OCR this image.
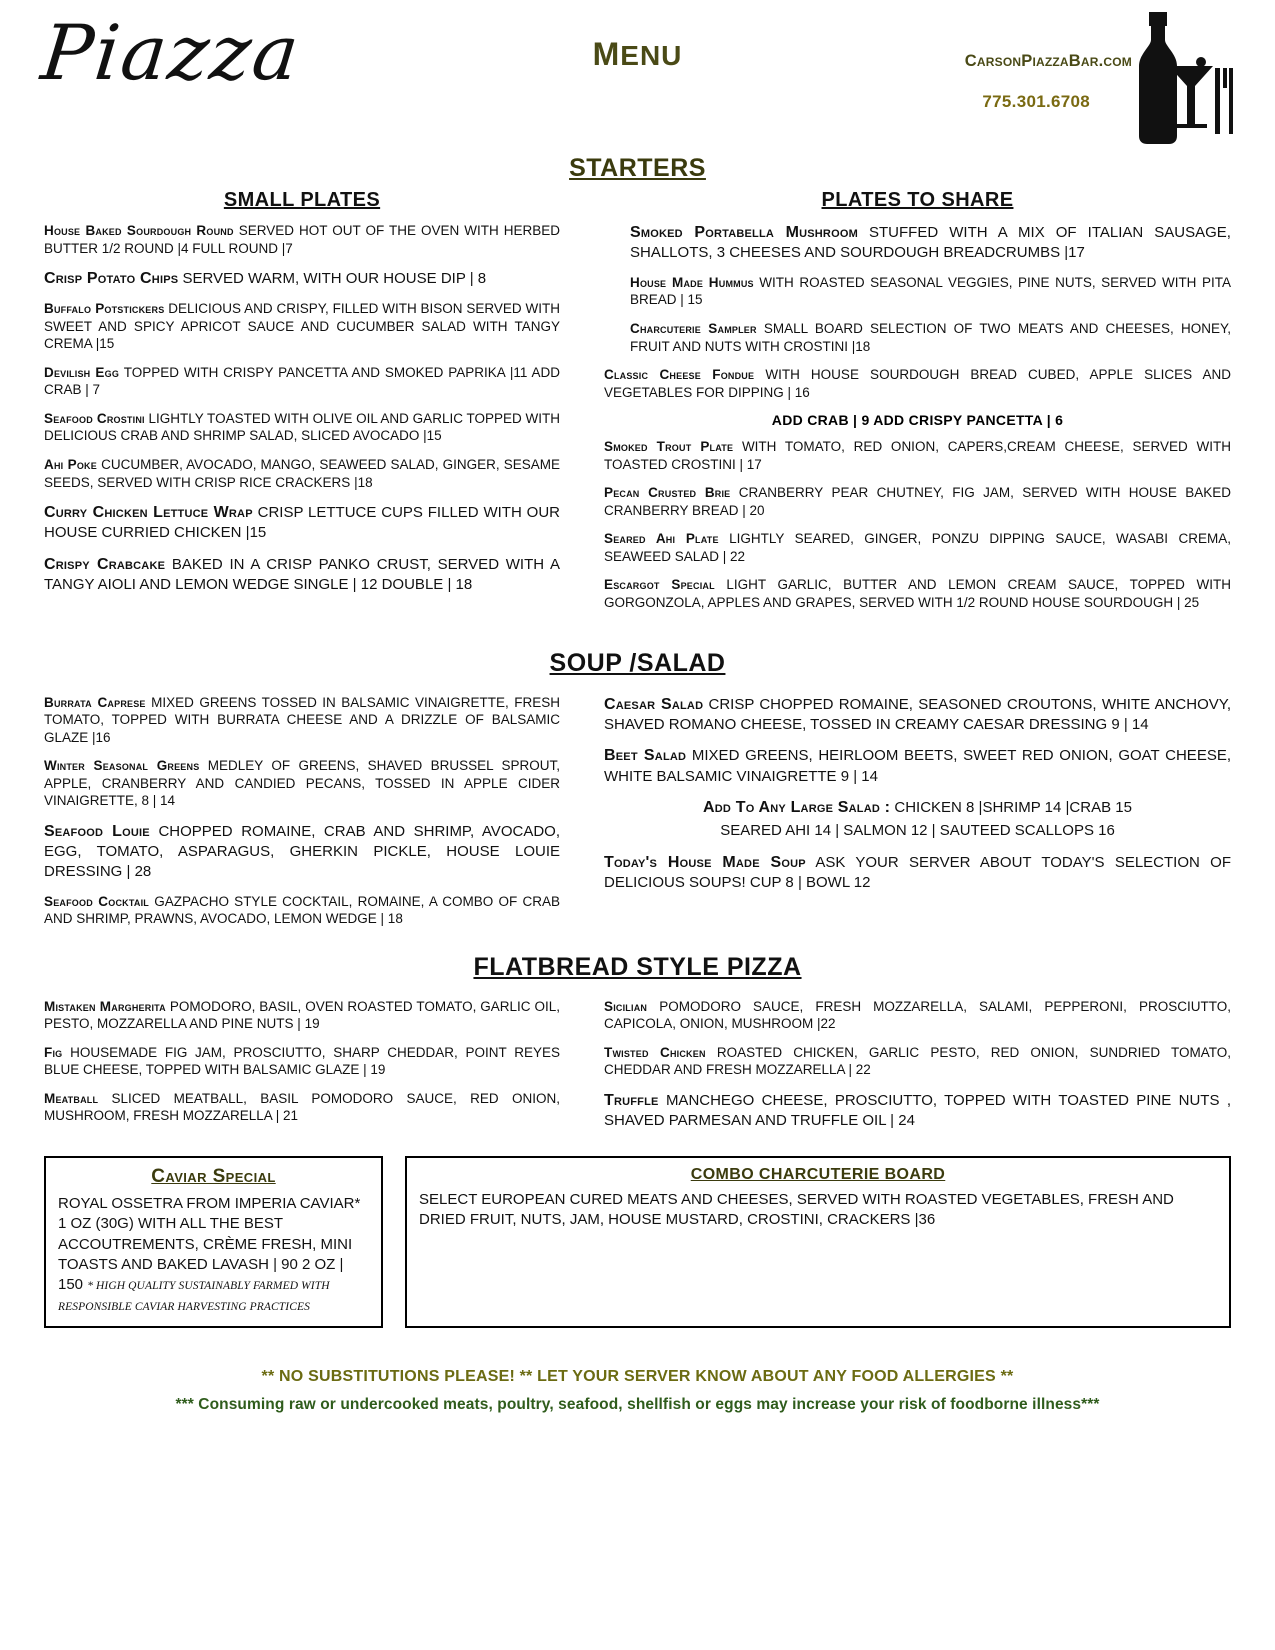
Piazza	menu	CarsonPiazzaBar.com
775.301.6708
STARTERS
SMALL PLATES
House Baked Sourdough Round SERVED HOT OUT OF THE OVEN WITH HERBED BUTTER 1/2 ROUND |4 FULL ROUND |7
Crisp Potato Chips SERVED WARM, WITH OUR HOUSE DIP | 8
Buffalo Potstickers DELICIOUS AND CRISPY, FILLED WITH BISON SERVED WITH SWEET AND SPICY APRICOT SAUCE AND CUCUMBER SALAD WITH TANGY CREMA |15
Devilish Egg TOPPED WITH CRISPY PANCETTA AND SMOKED PAPRIKA |11 ADD CRAB | 7
Seafood Crostini LIGHTLY TOASTED WITH OLIVE OIL AND GARLIC TOPPED WITH DELICIOUS CRAB AND SHRIMP SALAD, SLICED AVOCADO |15
Ahi Poke CUCUMBER, AVOCADO, MANGO, SEAWEED SALAD, GINGER, SESAME SEEDS, SERVED WITH CRISP RICE CRACKERS |18
Curry Chicken Lettuce Wrap CRISP LETTUCE CUPS FILLED WITH OUR HOUSE CURRIED CHICKEN |15
Crispy Crabcake BAKED IN A CRISP PANKO CRUST, SERVED WITH A TANGY AIOLI AND LEMON WEDGE SINGLE | 12 DOUBLE | 18
PLATES TO SHARE
Smoked Portabella Mushroom STUFFED WITH A MIX OF ITALIAN SAUSAGE, SHALLOTS, 3 CHEESES AND SOURDOUGH BREADCRUMBS |17
House Made Hummus WITH ROASTED SEASONAL VEGGIES, PINE NUTS, SERVED WITH PITA BREAD | 15
Charcuterie Sampler SMALL BOARD SELECTION OF TWO MEATS AND CHEESES, HONEY, FRUIT AND NUTS WITH CROSTINI |18
Classic Cheese Fondue WITH HOUSE SOURDOUGH BREAD CUBED, APPLE SLICES AND VEGETABLES FOR DIPPING | 16
ADD CRAB | 9 ADD CRISPY PANCETTA | 6
Smoked Trout Plate WITH TOMATO, RED ONION, CAPERS,CREAM CHEESE, SERVED WITH TOASTED CROSTINI | 17
Pecan Crusted Brie CRANBERRY PEAR CHUTNEY, FIG JAM, SERVED WITH HOUSE BAKED CRANBERRY BREAD | 20
Seared Ahi Plate LIGHTLY SEARED, GINGER, PONZU DIPPING SAUCE, WASABI CREMA, SEAWEED SALAD | 22
Escargot Special LIGHT GARLIC, BUTTER AND LEMON CREAM SAUCE, TOPPED WITH GORGONZOLA, APPLES AND GRAPES, SERVED WITH 1/2 ROUND HOUSE SOURDOUGH | 25
SOUP /SALAD
Burrata Caprese MIXED GREENS TOSSED IN BALSAMIC VINAIGRETTE, FRESH TOMATO, TOPPED WITH BURRATA CHEESE AND A DRIZZLE OF BALSAMIC GLAZE |16
Winter Seasonal Greens MEDLEY OF GREENS, SHAVED BRUSSEL SPROUT, APPLE, CRANBERRY AND CANDIED PECANS, TOSSED IN APPLE CIDER VINAIGRETTE, 8 | 14
Seafood Louie CHOPPED ROMAINE, CRAB AND SHRIMP, AVOCADO, EGG, TOMATO, ASPARAGUS, GHERKIN PICKLE, HOUSE LOUIE DRESSING | 28
Seafood Cocktail GAZPACHO STYLE COCKTAIL, ROMAINE, A COMBO OF CRAB AND SHRIMP, PRAWNS, AVOCADO, LEMON WEDGE | 18
Caesar Salad CRISP CHOPPED ROMAINE, SEASONED CROUTONS, WHITE ANCHOVY, SHAVED ROMANO CHEESE, TOSSED IN CREAMY CAESAR DRESSING 9 | 14
Beet Salad MIXED GREENS, HEIRLOOM BEETS, SWEET RED ONION, GOAT CHEESE, WHITE BALSAMIC VINAIGRETTE 9 | 14
Add To Any Large Salad : CHICKEN 8 |SHRIMP 14 |CRAB 15
SEARED AHI 14 | SALMON 12 | SAUTEED SCALLOPS 16
Today's House Made Soup ASK YOUR SERVER ABOUT TODAY'S SELECTION OF DELICIOUS SOUPS! CUP 8 | BOWL 12
FLATBREAD STYLE PIZZA
Mistaken Margherita POMODORO, BASIL, OVEN ROASTED TOMATO, GARLIC OIL, PESTO, MOZZARELLA AND PINE NUTS | 19
Fig HOUSEMADE FIG JAM, PROSCIUTTO, SHARP CHEDDAR, POINT REYES BLUE CHEESE, TOPPED WITH BALSAMIC GLAZE | 19
Meatball SLICED MEATBALL, BASIL POMODORO SAUCE, RED ONION, MUSHROOM, FRESH MOZZARELLA | 21
Sicilian POMODORO SAUCE, FRESH MOZZARELLA, SALAMI, PEPPERONI, PROSCIUTTO, CAPICOLA, ONION, MUSHROOM |22
Twisted Chicken ROASTED CHICKEN, GARLIC PESTO, RED ONION, SUNDRIED TOMATO, CHEDDAR AND FRESH MOZZARELLA | 22
Truffle MANCHEGO CHEESE, PROSCIUTTO, TOPPED WITH TOASTED PINE NUTS , SHAVED PARMESAN AND TRUFFLE OIL | 24
Caviar Special
ROYAL OSSETRA FROM IMPERIA CAVIAR* 1 OZ (30G) WITH ALL THE BEST ACCOUTREMENTS, CRÈME FRESH, MINI TOASTS AND BAKED LAVASH | 90 2 OZ | 150 * HIGH QUALITY SUSTAINABLY FARMED WITH RESPONSIBLE CAVIAR HARVESTING PRACTICES
COMBO CHARCUTERIE BOARD
SELECT EUROPEAN CURED MEATS AND CHEESES, SERVED WITH ROASTED VEGETABLES, FRESH AND DRIED FRUIT, NUTS, JAM, HOUSE MUSTARD, CROSTINI, CRACKERS |36
** NO SUBSTITUTIONS PLEASE! ** LET YOUR SERVER KNOW ABOUT ANY FOOD ALLERGIES **
*** Consuming raw or undercooked meats, poultry, seafood, shellfish or eggs may increase your risk of foodborne illness***
